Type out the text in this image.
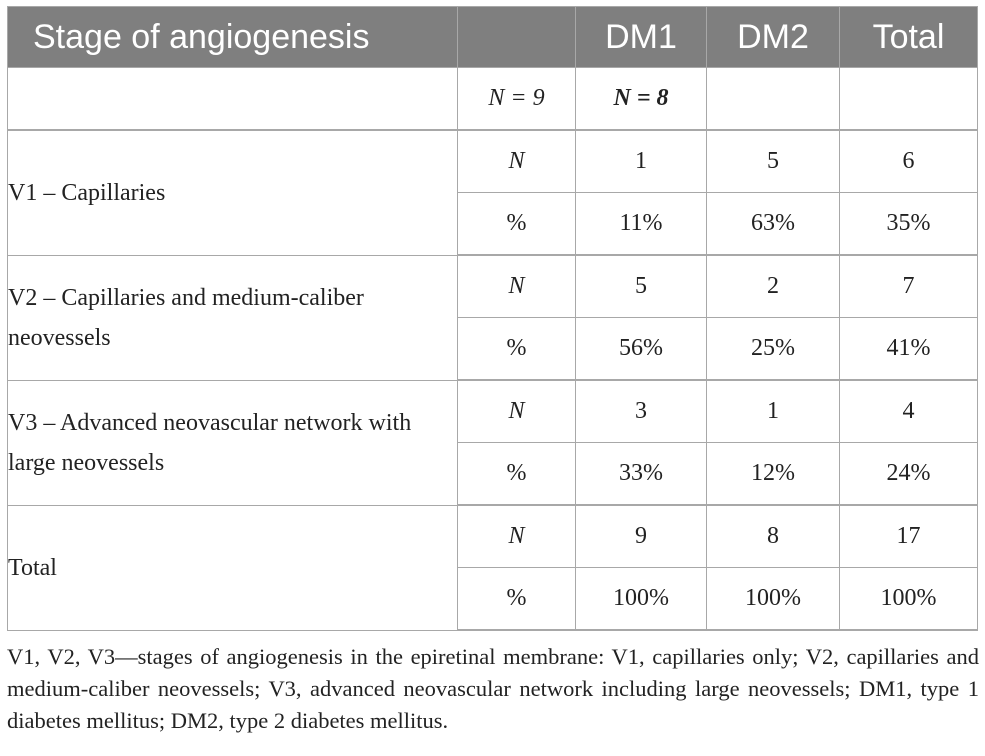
Stage of angiogenesis		DM1	DM2	Total
	N = 9	N = 8		
V1 – Capillaries	N	1	5	6
	%	11%	63%	35%
V2 – Capillaries and medium-caliber neovessels	N	5	2	7
	%	56%	25%	41%
V3 – Advanced neovascular network with large neovessels	N	3	1	4
	%	33%	12%	24%
Total	N	9	8	17
	%	100%	100%	100%
V1, V2, V3—stages of angiogenesis in the epiretinal membrane: V1, capillaries only; V2, capillaries and medium-caliber neovessels; V3, advanced neovascular network including large neovessels; DM1, type 1 diabetes mellitus; DM2, type 2 diabetes mellitus.
